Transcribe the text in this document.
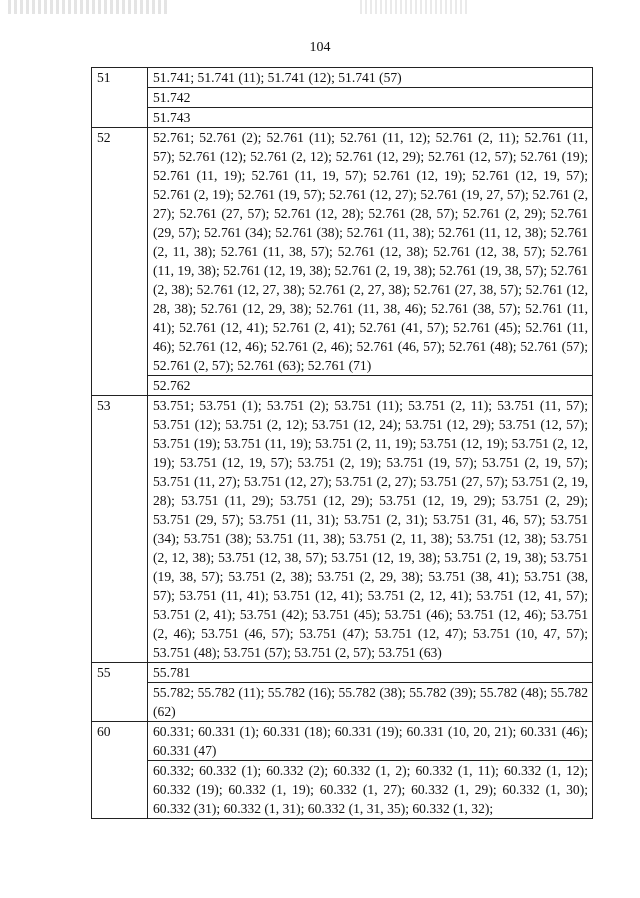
104
51	51.741; 51.741 (11); 51.741 (12); 51.741 (57)
	51.742
	51.743
52	52.761; 52.761 (2); 52.761 (11); 52.761 (11, 12); 52.761 (2, 11); 52.761 (11, 57); 52.761 (12); 52.761 (2, 12); 52.761 (12, 29); 52.761 (12, 57); 52.761 (19); 52.761 (11, 19); 52.761 (11, 19, 57); 52.761 (12, 19); 52.761 (12, 19, 57); 52.761 (2, 19); 52.761 (19, 57); 52.761 (12, 27); 52.761 (19, 27, 57); 52.761 (2, 27); 52.761 (27, 57); 52.761 (12, 28); 52.761 (28, 57); 52.761 (2, 29); 52.761 (29, 57); 52.761 (34); 52.761 (38); 52.761 (11, 38); 52.761 (11, 12, 38); 52.761 (2, 11, 38); 52.761 (11, 38, 57); 52.761 (12, 38); 52.761 (12, 38, 57); 52.761 (11, 19, 38); 52.761 (12, 19, 38); 52.761 (2, 19, 38); 52.761 (19, 38, 57); 52.761 (2, 38); 52.761 (12, 27, 38); 52.761 (2, 27, 38); 52.761 (27, 38, 57); 52.761 (12, 28, 38); 52.761 (12, 29, 38); 52.761 (11, 38, 46); 52.761 (38, 57); 52.761 (11, 41); 52.761 (12, 41); 52.761 (2, 41); 52.761 (41, 57); 52.761 (45); 52.761 (11, 46); 52.761 (12, 46); 52.761 (2, 46); 52.761 (46, 57); 52.761 (48); 52.761 (57); 52.761 (2, 57); 52.761 (63); 52.761 (71)
	52.762
53	53.751; 53.751 (1); 53.751 (2); 53.751 (11); 53.751 (2, 11); 53.751 (11, 57); 53.751 (12); 53.751 (2, 12); 53.751 (12, 24); 53.751 (12, 29); 53.751 (12, 57); 53.751 (19); 53.751 (11, 19); 53.751 (2, 11, 19); 53.751 (12, 19); 53.751 (2, 12, 19); 53.751 (12, 19, 57); 53.751 (2, 19); 53.751 (19, 57); 53.751 (2, 19, 57); 53.751 (11, 27); 53.751 (12, 27); 53.751 (2, 27); 53.751 (27, 57); 53.751 (2, 19, 28); 53.751 (11, 29); 53.751 (12, 29); 53.751 (12, 19, 29); 53.751 (2, 29); 53.751 (29, 57); 53.751 (11, 31); 53.751 (2, 31); 53.751 (31, 46, 57); 53.751 (34); 53.751 (38); 53.751 (11, 38); 53.751 (2, 11, 38); 53.751 (12, 38); 53.751 (2, 12, 38); 53.751 (12, 38, 57); 53.751 (12, 19, 38); 53.751 (2, 19, 38); 53.751 (19, 38, 57); 53.751 (2, 38); 53.751 (2, 29, 38); 53.751 (38, 41); 53.751 (38, 57); 53.751 (11, 41); 53.751 (12, 41); 53.751 (2, 12, 41); 53.751 (12, 41, 57); 53.751 (2, 41); 53.751 (42); 53.751 (45); 53.751 (46); 53.751 (12, 46); 53.751 (2, 46); 53.751 (46, 57); 53.751 (47); 53.751 (12, 47); 53.751 (10, 47, 57); 53.751 (48); 53.751 (57); 53.751 (2, 57); 53.751 (63)
55	55.781
	55.782; 55.782 (11); 55.782 (16); 55.782 (38); 55.782 (39); 55.782 (48); 55.782 (62)
60	60.331; 60.331 (1); 60.331 (18); 60.331 (19); 60.331 (10, 20, 21); 60.331 (46); 60.331 (47)
	60.332; 60.332 (1); 60.332 (2); 60.332 (1, 2); 60.332 (1, 11); 60.332 (1, 12); 60.332 (19); 60.332 (1, 19); 60.332 (1, 27); 60.332 (1, 29); 60.332 (1, 30); 60.332 (31); 60.332 (1, 31); 60.332 (1, 31, 35); 60.332 (1, 32);
